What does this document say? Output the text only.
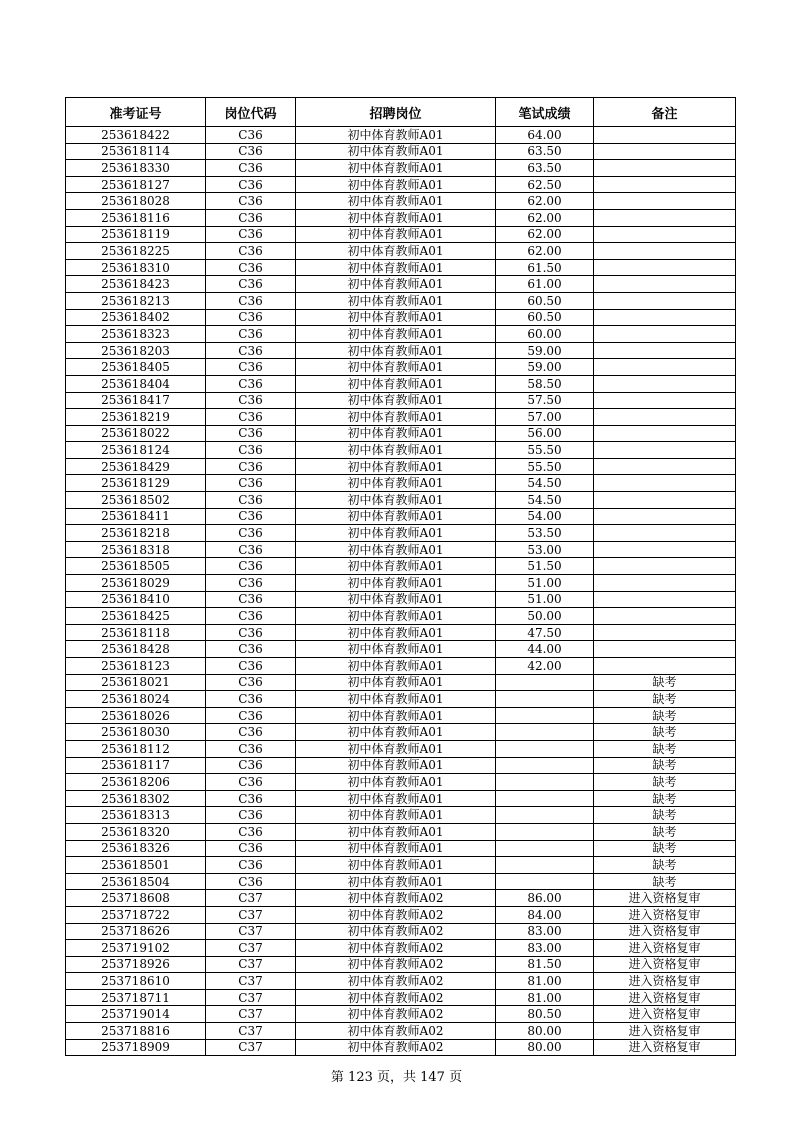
准考证号	岗位代码	招聘岗位	笔试成绩	备注
253618422	C36	初中体育教师A01	64.00	
253618114	C36	初中体育教师A01	63.50	
253618330	C36	初中体育教师A01	63.50	
253618127	C36	初中体育教师A01	62.50	
253618028	C36	初中体育教师A01	62.00	
253618116	C36	初中体育教师A01	62.00	
253618119	C36	初中体育教师A01	62.00	
253618225	C36	初中体育教师A01	62.00	
253618310	C36	初中体育教师A01	61.50	
253618423	C36	初中体育教师A01	61.00	
253618213	C36	初中体育教师A01	60.50	
253618402	C36	初中体育教师A01	60.50	
253618323	C36	初中体育教师A01	60.00	
253618203	C36	初中体育教师A01	59.00	
253618405	C36	初中体育教师A01	59.00	
253618404	C36	初中体育教师A01	58.50	
253618417	C36	初中体育教师A01	57.50	
253618219	C36	初中体育教师A01	57.00	
253618022	C36	初中体育教师A01	56.00	
253618124	C36	初中体育教师A01	55.50	
253618429	C36	初中体育教师A01	55.50	
253618129	C36	初中体育教师A01	54.50	
253618502	C36	初中体育教师A01	54.50	
253618411	C36	初中体育教师A01	54.00	
253618218	C36	初中体育教师A01	53.50	
253618318	C36	初中体育教师A01	53.00	
253618505	C36	初中体育教师A01	51.50	
253618029	C36	初中体育教师A01	51.00	
253618410	C36	初中体育教师A01	51.00	
253618425	C36	初中体育教师A01	50.00	
253618118	C36	初中体育教师A01	47.50	
253618428	C36	初中体育教师A01	44.00	
253618123	C36	初中体育教师A01	42.00	
253618021	C36	初中体育教师A01		缺考
253618024	C36	初中体育教师A01		缺考
253618026	C36	初中体育教师A01		缺考
253618030	C36	初中体育教师A01		缺考
253618112	C36	初中体育教师A01		缺考
253618117	C36	初中体育教师A01		缺考
253618206	C36	初中体育教师A01		缺考
253618302	C36	初中体育教师A01		缺考
253618313	C36	初中体育教师A01		缺考
253618320	C36	初中体育教师A01		缺考
253618326	C36	初中体育教师A01		缺考
253618501	C36	初中体育教师A01		缺考
253618504	C36	初中体育教师A01		缺考
253718608	C37	初中体育教师A02	86.00	进入资格复审
253718722	C37	初中体育教师A02	84.00	进入资格复审
253718626	C37	初中体育教师A02	83.00	进入资格复审
253719102	C37	初中体育教师A02	83.00	进入资格复审
253718926	C37	初中体育教师A02	81.50	进入资格复审
253718610	C37	初中体育教师A02	81.00	进入资格复审
253718711	C37	初中体育教师A02	81.00	进入资格复审
253719014	C37	初中体育教师A02	80.50	进入资格复审
253718816	C37	初中体育教师A02	80.00	进入资格复审
253718909	C37	初中体育教师A02	80.00	进入资格复审
第 123 页，共 147 页
